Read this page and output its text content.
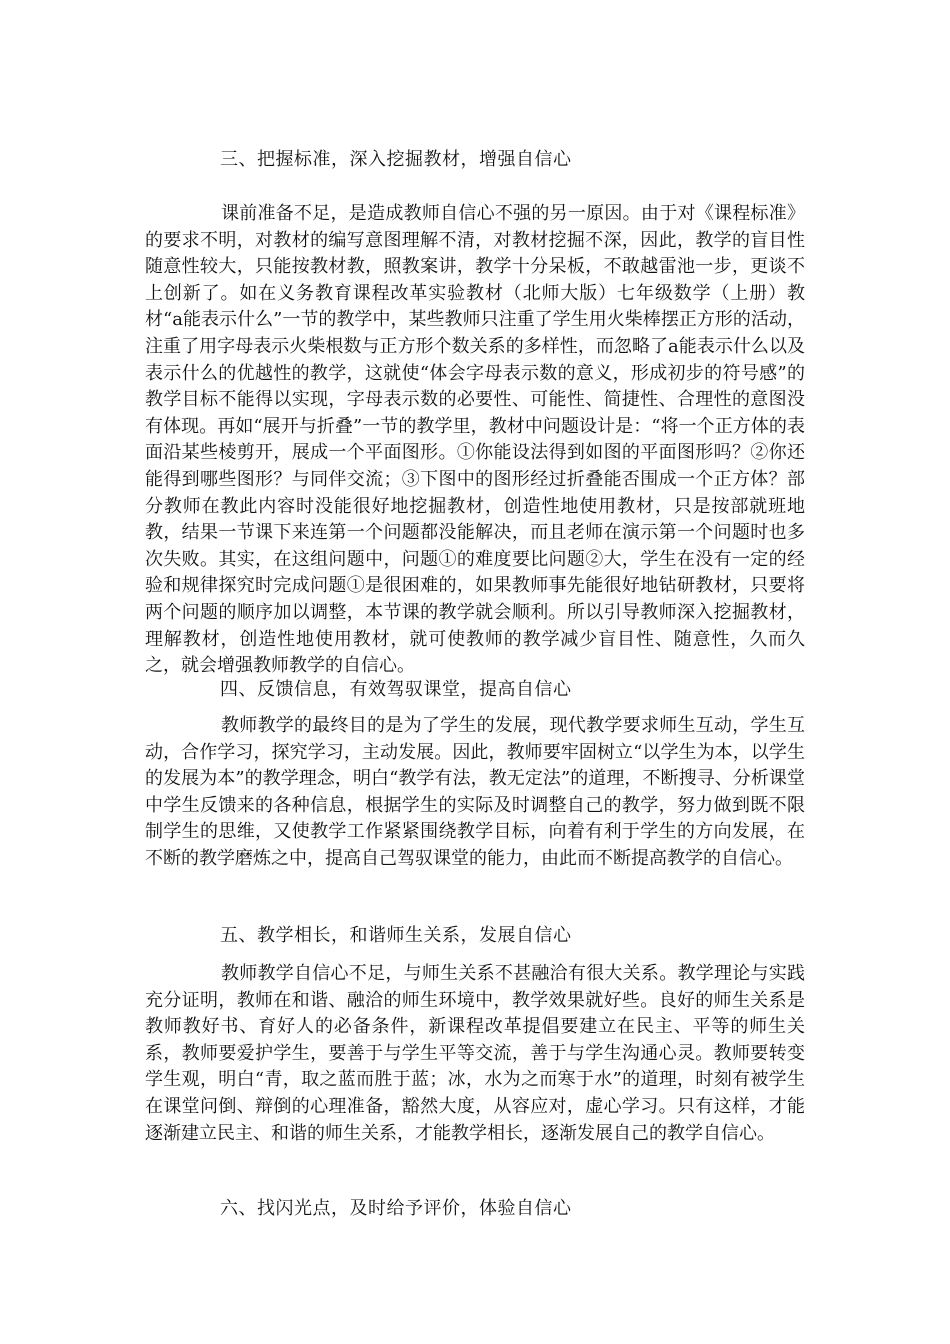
三、把握标准，深入挖掘教材，增强自信心

课前准备不足，是造成教师自信心不强的另一原因。由于对《课程标准》的要求不明，对教材的编写意图理解不清，对教材挖掘不深，因此，教学的盲目性随意性较大，只能按教材教，照教案讲，教学十分呆板，不敢越雷池一步，更谈不上创新了。如在义务教育课程改革实验教材（北师大版）七年级数学（上册）教材“a能表示什么”一节的教学中，某些教师只注重了学生用火柴棒摆正方形的活动，注重了用字母表示火柴根数与正方形个数关系的多样性，而忽略了a能表示什么以及表示什么的优越性的教学，这就使“体会字母表示数的意义，形成初步的符号感”的教学目标不能得以实现，字母表示数的必要性、可能性、简捷性、合理性的意图没有体现。再如“展开与折叠”一节的教学里，教材中问题设计是：“将一个正方体的表面沿某些棱剪开，展成一个平面图形。①你能设法得到如图的平面图形吗？②你还能得到哪些图形？与同伴交流；③下图中的图形经过折叠能否围成一个正方体？部分教师在教此内容时没能很好地挖掘教材，创造性地使用教材，只是按部就班地教，结果一节课下来连第一个问题都没能解决，而且老师在演示第一个问题时也多次失败。其实，在这组问题中，问题①的难度要比问题②大，学生在没有一定的经验和规律探究时完成问题①是很困难的，如果教师事先能很好地钻研教材，只要将两个问题的顺序加以调整，本节课的教学就会顺利。所以引导教师深入挖掘教材，理解教材，创造性地使用教材，就可使教师的教学减少盲目性、随意性，久而久之，就会增强教师教学的自信心。

四、反馈信息，有效驾驭课堂，提高自信心

教师教学的最终目的是为了学生的发展，现代教学要求师生互动，学生互动，合作学习，探究学习，主动发展。因此，教师要牢固树立“以学生为本，以学生的发展为本”的教学理念，明白“教学有法，教无定法”的道理，不断搜寻、分析课堂中学生反馈来的各种信息，根据学生的实际及时调整自己的教学，努力做到既不限制学生的思维，又使教学工作紧紧围绕教学目标，向着有利于学生的方向发展，在不断的教学磨炼之中，提高自己驾驭课堂的能力，由此而不断提高教学的自信心。

五、教学相长，和谐师生关系，发展自信心

教师教学自信心不足，与师生关系不甚融洽有很大关系。教学理论与实践充分证明，教师在和谐、融洽的师生环境中，教学效果就好些。良好的师生关系是教师教好书、育好人的必备条件，新课程改革提倡要建立在民主、平等的师生关系，教师要爱护学生，要善于与学生平等交流，善于与学生沟通心灵。教师要转变学生观，明白“青，取之蓝而胜于蓝；冰，水为之而寒于水”的道理，时刻有被学生在课堂问倒、辩倒的心理准备，豁然大度，从容应对，虚心学习。只有这样，才能逐渐建立民主、和谐的师生关系，才能教学相长，逐渐发展自己的教学自信心。

六、找闪光点，及时给予评价，体验自信心
